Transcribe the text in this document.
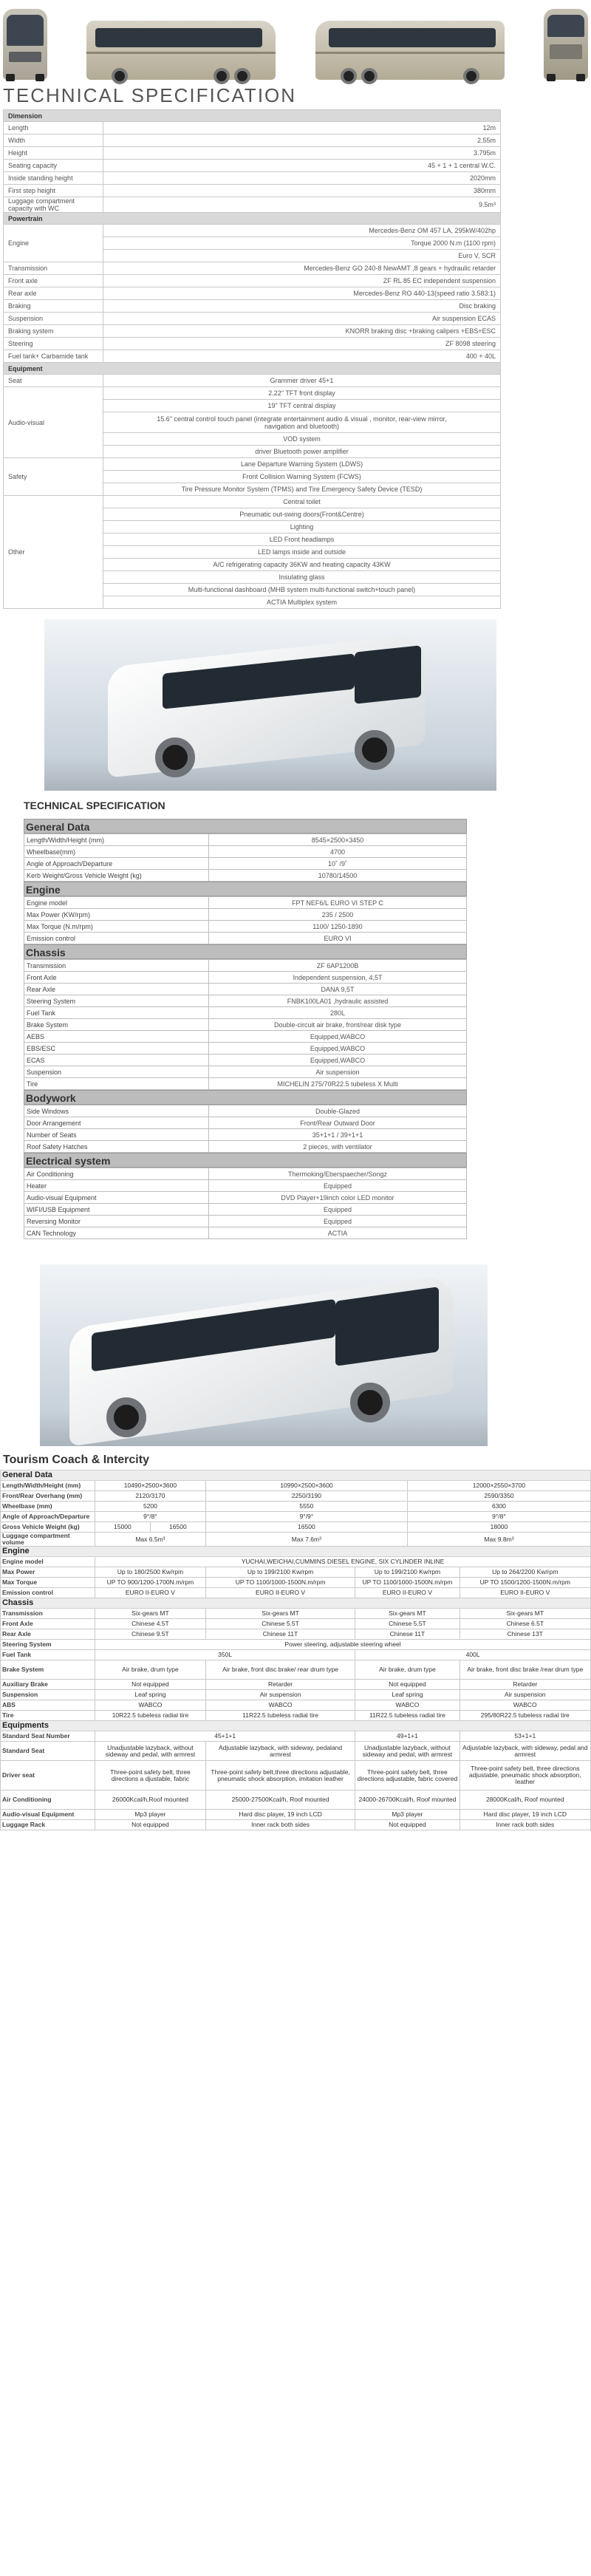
TECHNICAL SPECIFICATION
Dimension	
Length	12m
Width	2.55m
Height	3.795m
Seating capacity	45 + 1 + 1 central W.C.
Inside standing height	2020mm
First step height	380mm
Luggage compartment capacity with WC	9.5m³
Powertrain	
Engine	Mercedes-Benz OM 457 LA, 295kW/402hp
	Torque 2000 N.m (1100 rpm)
	Euro V, SCR
Transmission	Mercedes-Benz GO 240-8 NewAMT ,8 gears + hydraulic retarder
Front axle	ZF RL 85 EC independent suspension
Rear axle	Mercedes-Benz RO 440-13(speed ratio 3.583:1)
Braking	Disc braking
Suspension	Air suspension ECAS
Braking system	KNORR braking disc +braking calipers +EBS+ESC
Steering	ZF 8098 steering
Fuel tank+ Carbamide tank	400 + 40L
Equipment	
Seat	Grammer driver 45+1
Audio-visual	2.22" TFT front display
	19" TFT central display
	15.6" central control touch panel (integrate entertainment audio & visual , monitor, rear-view mirror, navigation and bluetooth)
	VOD system
	driver Bluetooth power amplifier
Safety	Lane Departure Warning System (LDWS)
	Front Collision Warning System (FCWS)
	Tire Pressure Monitor System (TPMS) and Tire Emergency Safety Device (TESD)
Other	Central toilet
	Pneumatic out-swing doors(Front&Centre)
	Lighting
	LED Front headlamps
	LED lamps inside and outside
	A/C refrigerating capacity 36KW and heating capacity 43KW
	Insulating glass
	Multi-functional dashboard (MHB system multi-functional switch+touch panel)
	ACTIA Multiplex system
TECHNICAL SPECIFICATION
General Data
Length/Width/Height (mm)	8545×2500×3450
Wheelbase(mm)	4700
Angle of Approach/Departure	10˚ /9˚
Kerb Weight/Gross Vehicle Weight (kg)	10780/14500
Engine
Engine model	FPT NEF6/L EURO VI STEP C
Max Power (KW/rpm)	235 / 2500
Max Torque (N.m/rpm)	1100/ 1250-1890
Emission control	EURO VI
Chassis
Transmission	ZF 6AP1200B
Front Axle	Independent suspension, 4,5T
Rear Axle	DANA 9,5T
Steering System	FNBK100LA01 ,hydraulic assisted
Fuel Tank	280L
Brake System	Double-circuit air brake, front/rear disk type
AEBS	Equipped,WABCO
EBS/ESC	Equipped,WABCO
ECAS	Equipped,WABCO
Suspension	Air suspension
Tire	MICHELIN 275/70R22.5 tubeless X Multi
Bodywork
Side Windows	Double-Glazed
Door Arrangement	Front/Rear Outward Door
Number of Seats	35+1+1 / 39+1+1
Roof Safety Hatches	2 pieces, with ventilator
Electrical system
Air Conditioning	Thermoking/Eberspaecher/Songz
Heater	Equipped
Audio-visual Equipment	DVD Player+19inch color LED monitor
WIFI/USB Equipment	Equipped
Reversing Monitor	Equipped
CAN Technology	ACTIA
Tourism Coach & Intercity
General Data						
Length/Width/Height (mm)	10490×2500×3600		10990×2500×3600		12000×2550×3700	
Front/Rear Overhang (mm)	2120/3170		2250/3190		2590/3350	
Wheelbase (mm)	5200		5550		6300	
Angle of Approach/Departure	9°/8°		9°/9°		9°/8°	
Gross Vehicle Weight (kg)	15000	16500	16500		18000	
Luggage compartment volume	Max 6.5m³		Max 7.6m³		Max 9.8m³	
Engine						
Engine model	YUCHAI,WEICHAI,CUMMINS DIESEL ENGINE, SIX CYLINDER INLINE					
Max Power	Up to 180/2500 Kw/rpm		Up to 199/2100 Kw/rpm	Up to 199/2100 Kw/rpm		Up to 264/2200 Kw/rpm
Max Torque	UP TO 900/1200-1700N.m/rpm		UP TO 1100/1000-1500N.m/rpm	UP TO 1100/1000-1500N.m/rpm		UP TO 1500/1200-1500N.m/rpm
Emission control	EURO II-EURO V		EURO II-EURO V	EURO II-EURO V		EURO II-EURO V
Chassis						
Transmission	Six-gears MT		Six-gears MT	Six-gears MT		Six-gears MT
Front Axle	Chinese 4.5T		Chinese 5.5T	Chinese 5.5T		Chinese 6.5T
Rear Axle	Chinese 9.5T		Chinese 11T	Chinese 11T		Chinese 13T
Steering System	Power steering, adjustable steering wheel					
Fuel Tank	350L			400L		
Brake System	Air brake, drum type		Air brake, front disc brake/ rear drum type	Air brake, drum type		Air brake, front disc brake /rear drum type
Auxiliary Brake	Not equipped		Retarder	Not equipped		Retarder
Suspension	Leaf spring		Air suspension	Leaf spring		Air suspension
ABS	WABCO		WABCO	WABCO		WABCO
Tire	10R22.5 tubeless radial tire		11R22.5 tubeless radial tire	11R22.5 tubeless radial tire		295/80R22.5 tubeless radial tire
Equipments						
Standard Seat Number	45+1+1			49+1+1		53+1+1
Standard Seat	Unadjustable lazyback, without sideway and pedal, with armrest		Adjustable lazyback, with sideway, pedaland armrest	Unadjustable lazyback, without sideway and pedal, with armrest		Adjustable lazyback, with sideway, pedal and armrest
Driver seat	Three-point safety belt, three directions a djustable, fabric		Three-point safety belt,three directions adjustable, pneumatic shock absorption, imitation leather	Three-point safety belt, three directions adjustable, fabric covered		Three-point safety belt, three directions adjustable, pneumatic shock absorption, leather
Air Conditioning	26000Kcal/h,Roof mounted		25000-27500Kcal/h, Roof mounted	24000-26700Kcal/h, Roof mounted		28000Kcal/h, Roof mounted
Audio-visual Equipment	Mp3 player		Hard disc player, 19 inch LCD	Mp3 player		Hard disc player, 19 inch LCD
Luggage Rack	Not equipped		Inner rack both sides	Not equipped		Inner rack both sides
